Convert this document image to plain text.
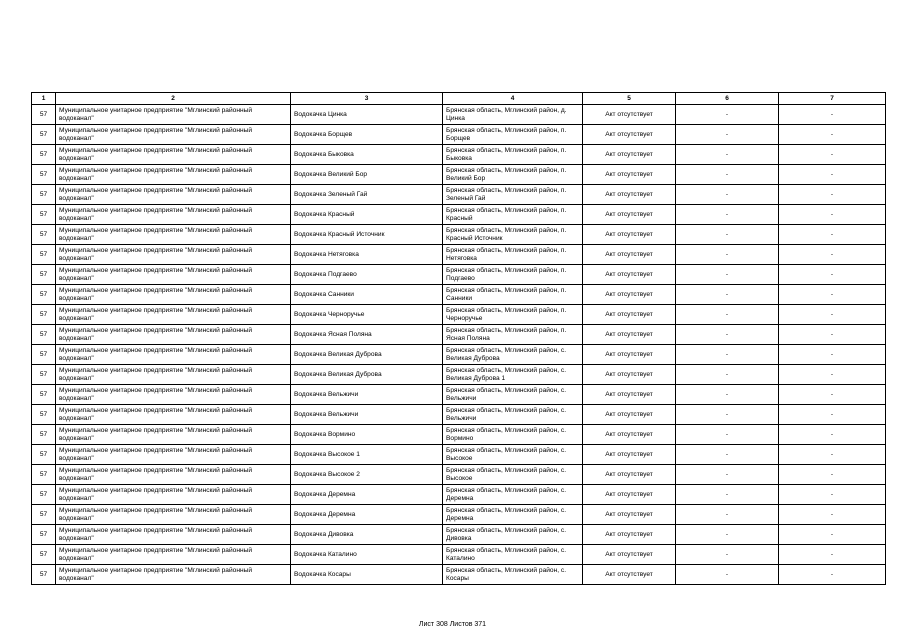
1	2	3	4	5	6	7
57	Муниципальное унитарное предприятие "Мглинский районный водоканал"	Водокачка Цинка	Брянская область, Мглинский район, д. Цинка	Акт отсутствует	-	-
57	Муниципальное унитарное предприятие "Мглинский районный водоканал"	Водокачка Борщев	Брянская область, Мглинский район, п. Борщев	Акт отсутствует	-	-
57	Муниципальное унитарное предприятие "Мглинский районный водоканал"	Водокачка Быковка	Брянская область, Мглинский район, п. Быковка	Акт отсутствует	-	-
57	Муниципальное унитарное предприятие "Мглинский районный водоканал"	Водокачка Великий Бор	Брянская область, Мглинский район, п. Великий Бор	Акт отсутствует	-	-
57	Муниципальное унитарное предприятие "Мглинский районный водоканал"	Водокачка Зеленый Гай	Брянская область, Мглинский район, п. Зеленый Гай	Акт отсутствует	-	-
57	Муниципальное унитарное предприятие "Мглинский районный водоканал"	Водокачка Красный	Брянская область, Мглинский район, п. Красный	Акт отсутствует	-	-
57	Муниципальное унитарное предприятие "Мглинский районный водоканал"	Водокачка Красный Источник	Брянская область, Мглинский район, п. Красный Источник	Акт отсутствует	-	-
57	Муниципальное унитарное предприятие "Мглинский районный водоканал"	Водокачка Нетяговка	Брянская область, Мглинский район, п. Нетяговка	Акт отсутствует	-	-
57	Муниципальное унитарное предприятие "Мглинский районный водоканал"	Водокачка Подгаево	Брянская область, Мглинский район, п. Подгаево	Акт отсутствует	-	-
57	Муниципальное унитарное предприятие "Мглинский районный водоканал"	Водокачка Санники	Брянская область, Мглинский район, п. Санники	Акт отсутствует	-	-
57	Муниципальное унитарное предприятие "Мглинский районный водоканал"	Водокачка Черноручье	Брянская область, Мглинский район, п. Черноручье	Акт отсутствует	-	-
57	Муниципальное унитарное предприятие "Мглинский районный водоканал"	Водокачка Ясная Поляна	Брянская область, Мглинский район, п. Ясная Поляна	Акт отсутствует	-	-
57	Муниципальное унитарное предприятие "Мглинский районный водоканал"	Водокачка Великая Дуброва	Брянская область, Мглинский район, с. Великая Дуброва	Акт отсутствует	-	-
57	Муниципальное унитарное предприятие "Мглинский районный водоканал"	Водокачка Великая Дуброва	Брянская область, Мглинский район, с. Великая Дуброва 1	Акт отсутствует	-	-
57	Муниципальное унитарное предприятие "Мглинский районный водоканал"	Водокачка Вельжичи	Брянская область, Мглинский район, с. Вельжичи	Акт отсутствует	-	-
57	Муниципальное унитарное предприятие "Мглинский районный водоканал"	Водокачка Вельжичи	Брянская область, Мглинский район, с. Вельжичи	Акт отсутствует	-	-
57	Муниципальное унитарное предприятие "Мглинский районный водоканал"	Водокачка Вормино	Брянская область, Мглинский район, с. Вормино	Акт отсутствует	-	-
57	Муниципальное унитарное предприятие "Мглинский районный водоканал"	Водокачка Высокое 1	Брянская область, Мглинский район, с. Высокое	Акт отсутствует	-	-
57	Муниципальное унитарное предприятие "Мглинский районный водоканал"	Водокачка Высокое 2	Брянская область, Мглинский район, с. Высокое	Акт отсутствует	-	-
57	Муниципальное унитарное предприятие "Мглинский районный водоканал"	Водокачка Деремна	Брянская область, Мглинский район, с. Деремна	Акт отсутствует	-	-
57	Муниципальное унитарное предприятие "Мглинский районный водоканал"	Водокачка Деремна	Брянская область, Мглинский район, с. Деремна	Акт отсутствует	-	-
57	Муниципальное унитарное предприятие "Мглинский районный водоканал"	Водокачка Дивовка	Брянская область, Мглинский район, с. Дивовка	Акт отсутствует	-	-
57	Муниципальное унитарное предприятие "Мглинский районный водоканал"	Водокачка Каталино	Брянская область, Мглинский район, с. Каталино	Акт отсутствует	-	-
57	Муниципальное унитарное предприятие "Мглинский районный водоканал"	Водокачка Косары	Брянская область, Мглинский район, с. Косары	Акт отсутствует	-	-
Лист 308 Листов 371
